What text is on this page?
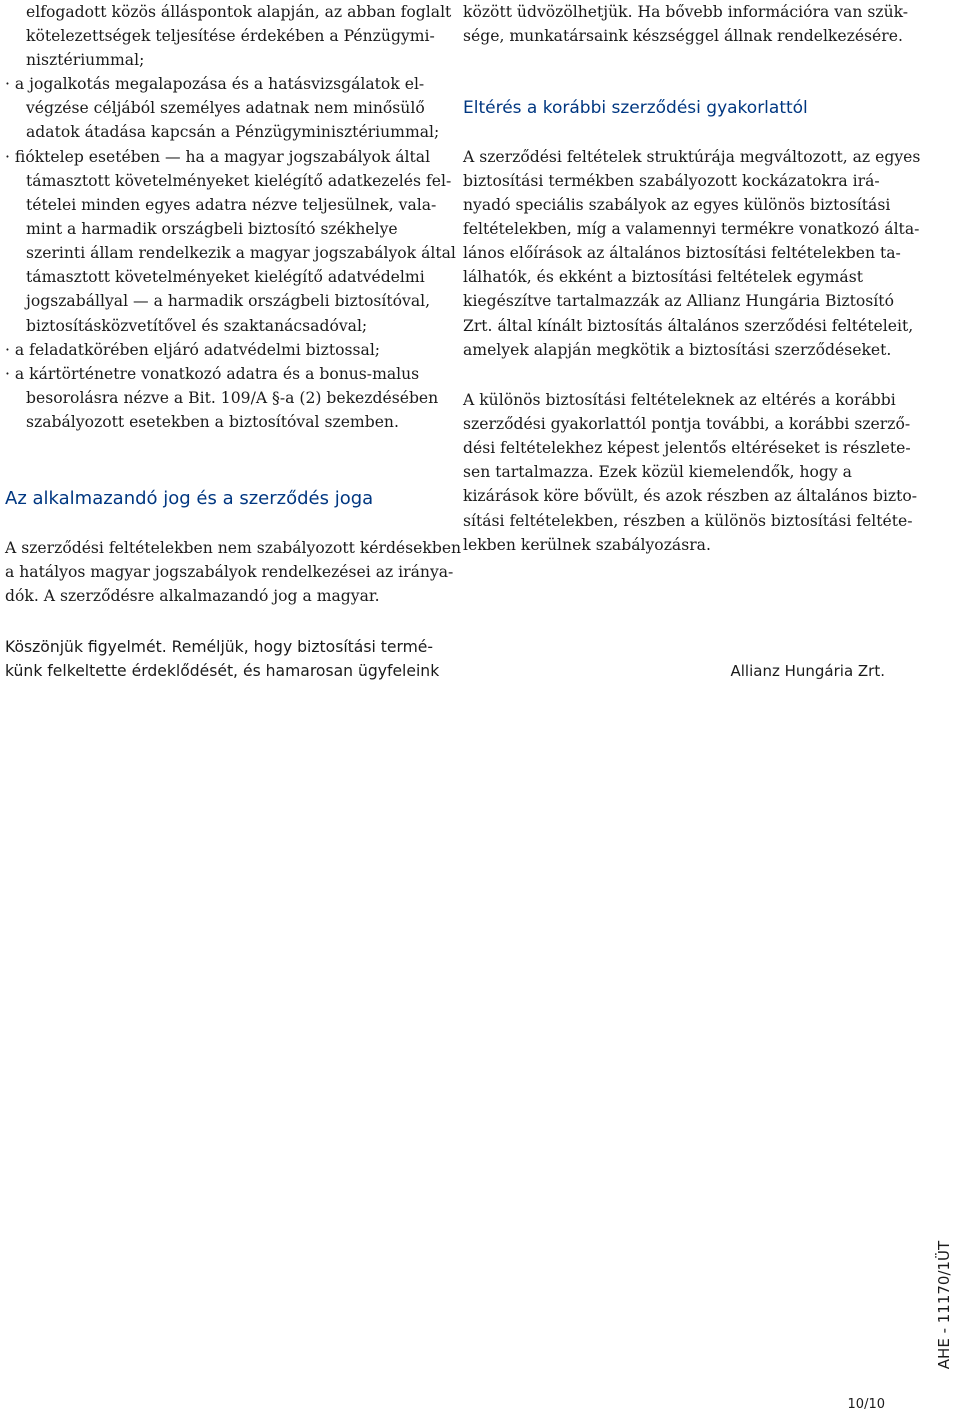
elfogadott közös álláspontok alapján, az abban foglalt
kötelezettségek teljesítése érdekében a Pénzügymi-
nisztériummal;
· a jogalkotás megalapozása és a hatásvizsgálatok el-
végzése céljából személyes adatnak nem minősülő
adatok átadása kapcsán a Pénzügyminisztériummal;
· fióktelep esetében — ha a magyar jogszabályok által
támasztott követelményeket kielégítő adatkezelés fel-
tételei minden egyes adatra nézve teljesülnek, vala-
mint a harmadik országbeli biztosító székhelye
szerinti állam rendelkezik a magyar jogszabályok által
támasztott követelményeket kielégítő adatvédelmi
jogszabállyal — a harmadik országbeli biztosítóval,
biztosításközvetítővel és szaktanácsadóval;
· a feladatkörében eljáró adatvédelmi biztossal;
· a kártörténetre vonatkozó adatra és a bonus-malus
besorolásra nézve a Bit. 109/A §-a (2) bekezdésében
szabályozott esetekben a biztosítóval szemben.
Az alkalmazandó jog és a szerződés joga
A szerződési feltételekben nem szabályozott kérdésekben
a hatályos magyar jogszabályok rendelkezései az iránya-
dók. A szerződésre alkalmazandó jog a magyar.
Köszönjük figyelmét. Reméljük, hogy biztosítási termé-
künk felkeltette érdeklődését, és hamarosan ügyfeleink
között üdvözölhetjük. Ha bővebb információra van szük-
sége, munkatársaink készséggel állnak rendelkezésére.
Eltérés a korábbi szerződési gyakorlattól
A szerződési feltételek struktúrája megváltozott, az egyes
biztosítási termékben szabályozott kockázatokra irá-
nyadó speciális szabályok az egyes különös biztosítási
feltételekben, míg a valamennyi termékre vonatkozó álta-
lános előírások az általános biztosítási feltételekben ta-
lálhatók, és ekként a biztosítási feltételek egymást
kiegészítve tartalmazzák az Allianz Hungária Biztosító
Zrt. által kínált biztosítás általános szerződési feltételeit,
amelyek alapján megkötik a biztosítási szerződéseket.
A különös biztosítási feltételeknek az eltérés a korábbi
szerződési gyakorlattól pontja további, a korábbi szerző-
dési feltételekhez képest jelentős eltéréseket is részlete-
sen tartalmazza. Ezek közül kiemelendők, hogy a
kizárások köre bővült, és azok részben az általános bizto-
sítási feltételekben, részben a különös biztosítási feltéte-
lekben kerülnek szabályozásra.
Allianz Hungária Zrt.
AHE - 11170/1ÜT
10/10
